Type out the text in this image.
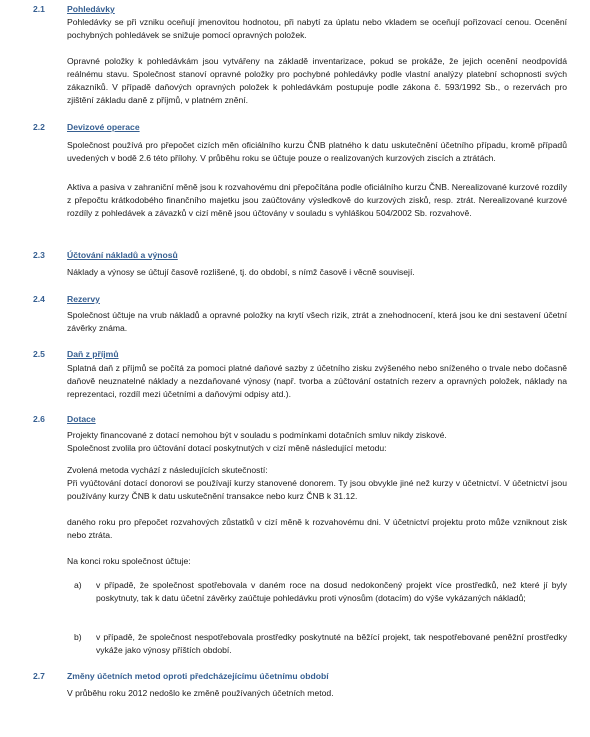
2.1	Pohledávky

Pohledávky se při vzniku oceňují jmenovitou hodnotou, při nabytí za úplatu nebo vkladem se oceňují pořizovací cenou. Ocenění pochybných pohledávek se snižuje pomocí opravných položek.

Opravné položky k pohledávkám jsou vytvářeny na základě inventarizace, pokud se prokáže, že jejich ocenění neodpovídá reálnému stavu. Společnost stanoví opravné položky pro pochybné pohledávky podle vlastní analýzy platební schopnosti svých zákazníků. V případě daňových opravných položek k pohledávkám postupuje podle zákona č. 593/1992 Sb., o rezervách pro zjištění základu daně z příjmů, v platném znění.

2.2	Devizové operace

Společnost používá pro přepočet cizích měn oficiálního kurzu ČNB platného k datu uskutečnění účetního případu, kromě případů uvedených v bodě 2.6 této přílohy. V průběhu roku se účtuje pouze o realizovaných kurzových ziscích a ztrátách.

Aktiva a pasiva v zahraniční měně jsou k rozvahovému dni přepočítána podle oficiálního kurzu ČNB. Nerealizované kurzové rozdíly z přepočtu krátkodobého finančního majetku jsou zaúčtovány výsledkově do kurzových zisků, resp. ztrát. Nerealizované kurzové rozdíly z pohledávek a závazků v cizí měně jsou účtovány v souladu s vyhláškou 504/2002 Sb. rozvahově.

2.3	Účtování nákladů a výnosů

Náklady a výnosy se účtují časově rozlišené, tj. do období, s nímž časově i věcně souvisejí.

2.4	Rezervy

Společnost účtuje na vrub nákladů a opravné položky na krytí všech rizik, ztrát a znehodnocení, která jsou ke dni sestavení účetní závěrky známa.

2.5	Daň z příjmů

Splatná daň z příjmů se počítá za pomoci platné daňové sazby z účetního zisku zvýšeného nebo sníženého o trvale nebo dočasně daňově neuznatelné náklady a nezdaňované výnosy (např. tvorba a zúčtování ostatních rezerv a opravných položek, náklady na reprezentaci, rozdíl mezi účetními a daňovými odpisy atd.).

2.6	Dotace

Projekty financované z dotací nemohou být v souladu s podmínkami dotačních smluv nikdy ziskové.

Společnost zvolila pro účtování dotací poskytnutých v cizí měně následující metodu:

Zvolená metoda vychází z následujících skutečností:

Při vyúčtování dotací donorovi se používají kurzy stanovené donorem. Ty jsou obvykle jiné než kurzy v účetnictví. V účetnictví jsou používány kurzy ČNB k datu uskutečnění transakce nebo kurz ČNB k 31.12.

daného roku pro přepočet rozvahových zůstatků v cizí měně k rozvahovému dni. V účetnictví projektu proto může vzniknout zisk nebo ztráta.

Na konci roku společnost účtuje:

a) v případě, že společnost spotřebovala v daném roce na dosud nedokončený projekt více prostředků, než které jí byly poskytnuty, tak k datu účetní závěrky zaúčtuje pohledávku proti výnosům (dotacím) do výše vykázaných nákladů;
b) v případě, že společnost nespotřebovala prostředky poskytnuté na běžící projekt, tak nespotřebované peněžní prostředky vykáže jako výnosy příštích období.
2.7	Změny účetních metod oproti předcházejícímu účetnímu období

V průběhu roku 2012 nedošlo ke změně používaných účetních metod.
